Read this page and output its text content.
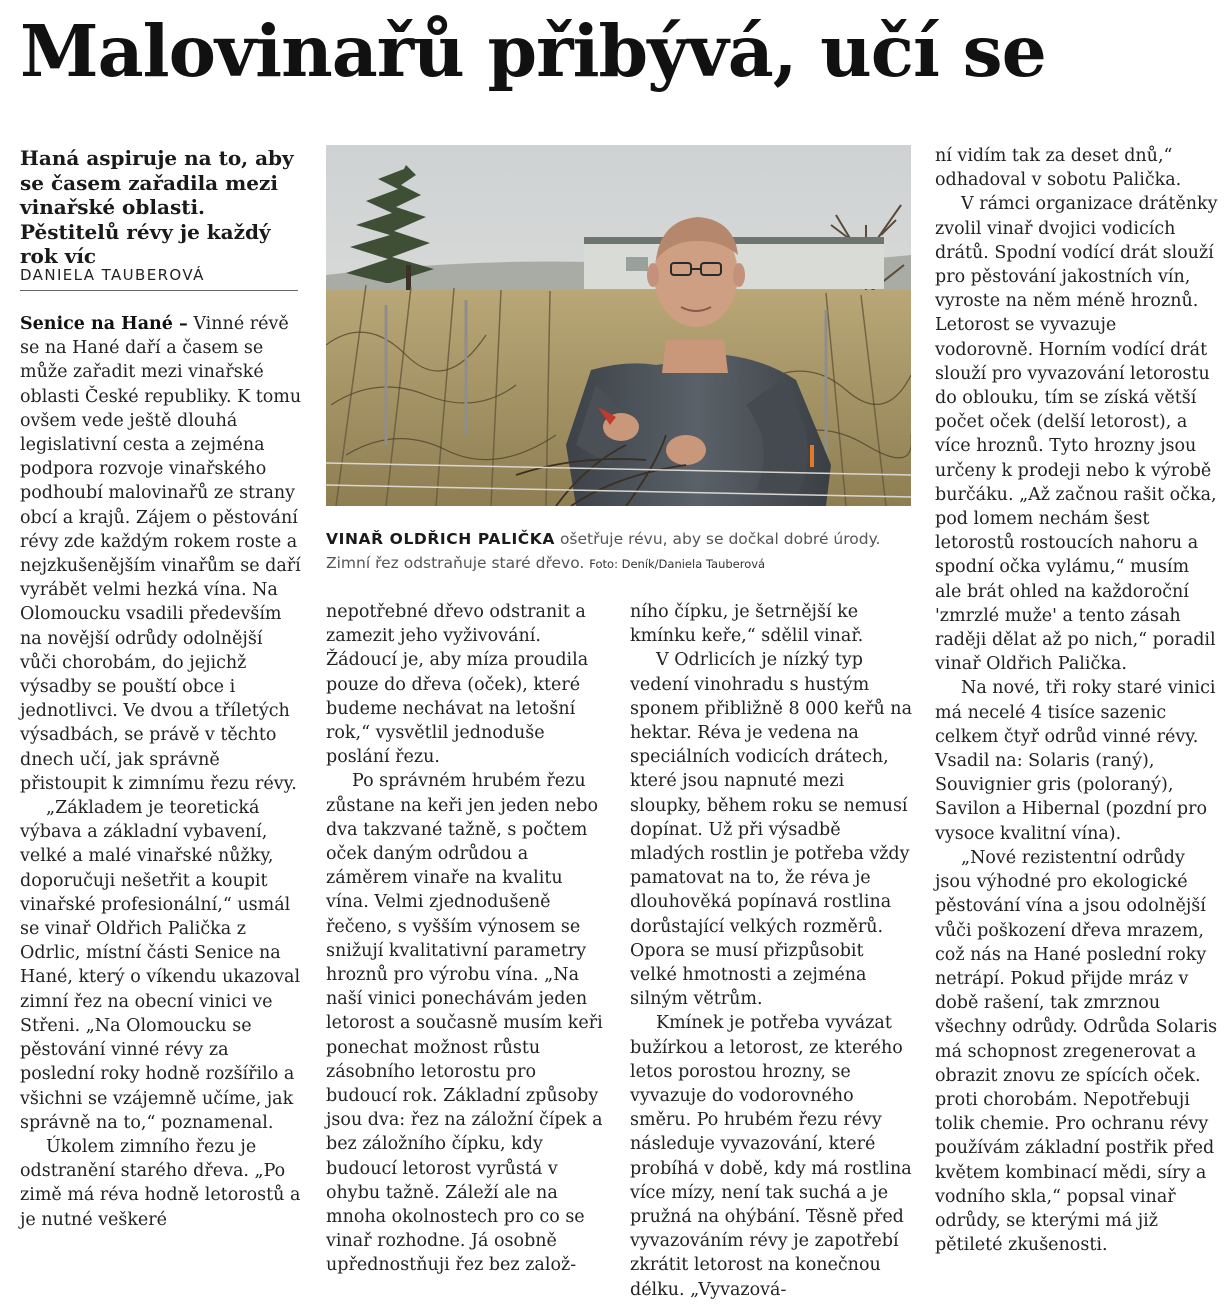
Malovinařů přibývá, učí se

Haná aspiruje na to, aby se časem zařadila mezi vinařské oblasti. Pěstitelů révy je každý rok víc

DANIELA TAUBEROVÁ

Senice na Hané – Vinné révě se na Hané daří a časem se může zařadit mezi vinařské oblasti České republiky. K tomu ovšem vede ještě dlouhá legislativní cesta a zejména podpora rozvoje vinařského podhoubí malovinařů ze strany obcí a krajů. Zájem o pěstování révy zde každým rokem roste a nejzkušenějším vinařům se daří vyrábět velmi hezká vína. Na Olomoucku vsadili především na novější odrůdy odolnější vůči chorobám, do jejichž výsadby se pouští obce i jednotlivci. Ve dvou a tříletých výsadbách, se právě v těchto dnech učí, jak správně přistoupit k zimnímu řezu révy.

„Základem je teoretická výbava a základní vybavení, velké a malé vinařské nůžky, doporučuji nešetřit a koupit vinařské profesionální,“ usmál se vinař Oldřich Palička z Odrlic, místní části Senice na Hané, který o víkendu ukazoval zimní řez na obecní vinici ve Střeni. „Na Olomoucku se pěstování vinné révy za poslední roky hodně rozšířilo a všichni se vzájemně učíme, jak správně na to,“ poznamenal.

Úkolem zimního řezu je odstranění starého dřeva. „Po zimě má réva hodně letorostů a je nutné veškeré

VINAŘ OLDŘICH PALIČKA ošetřuje révu, aby se dočkal dobré úrody. Zimní řez odstraňuje staré dřevo. Foto: Deník/Daniela Tauberová

nepotřebné dřevo odstranit a zamezit jeho vyživování. Žádoucí je, aby míza proudila pouze do dřeva (oček), které budeme nechávat na letošní rok,“ vysvětlil jednoduše poslání řezu.

Po správném hrubém řezu zůstane na keři jen jeden nebo dva takzvané tažně, s počtem oček daným odrůdou a záměrem vinaře na kvalitu vína. Velmi zjednodušeně řečeno, s vyšším výnosem se snižují kvalitativní parametry hroznů pro výrobu vína. „Na naší vinici ponechávám jeden letorost a současně musím keři ponechat možnost růstu zásobního letorostu pro budoucí rok. Základní způsoby jsou dva: řez na záložní čípek a bez záložního čípku, kdy budoucí letorost vyrůstá v ohybu tažně. Záleží ale na mnoha okolnostech pro co se vinař rozhodne. Já osobně upřednostňuji řez bez založ-

ního čípku, je šetrnější ke kmínku keře,“ sdělil vinař.

V Odrlicích je nízký typ vedení vinohradu s hustým sponem přibližně 8 000 keřů na hektar. Réva je vedena na speciálních vodicích drátech, které jsou napnuté mezi sloupky, během roku se nemusí dopínat. Už při výsadbě mladých rostlin je potřeba vždy pamatovat na to, že réva je dlouhověká popínavá rostlina dorůstající velkých rozměrů. Opora se musí přizpůsobit velké hmotnosti a zejména silným větrům.

Kmínek je potřeba vyvázat bužírkou a letorost, ze kterého letos porostou hrozny, se vyvazuje do vodorovného směru. Po hrubém řezu révy následuje vyvazování, které probíhá v době, kdy má rostlina více mízy, není tak suchá a je pružná na ohýbání. Těsně před vyvazováním révy je zapotřebí zkrátit letorost na konečnou délku. „Vyvazová-

ní vidím tak za deset dnů,“ odhadoval v sobotu Palička.

V rámci organizace drátěnky zvolil vinař dvojici vodicích drátů. Spodní vodící drát slouží pro pěstování jakostních vín, vyroste na něm méně hroznů. Letorost se vyvazuje vodorovně. Horním vodící drát slouží pro vyvazování letorostu do oblouku, tím se získá větší počet oček (delší letorost), a více hroznů. Tyto hrozny jsou určeny k prodeji nebo k výrobě burčáku. „Až začnou rašit očka, pod lomem nechám šest letorostů rostoucích nahoru a spodní očka vylámu,“ musím ale brát ohled na každoroční 'zmrzlé muže' a tento zásah raději dělat až po nich,“ poradil vinař Oldřich Palička.

Na nové, tři roky staré vinici má necelé 4 tisíce sazenic celkem čtyř odrůd vinné révy. Vsadil na: Solaris (raný), Souvignier gris (poloraný), Savilon a Hibernal (pozdní pro vysoce kvalitní vína).

„Nové rezistentní odrůdy jsou výhodné pro ekologické pěstování vína a jsou odolnější vůči poškození dřeva mrazem, což nás na Hané poslední roky netrápí. Pokud přijde mráz v době rašení, tak zmrznou všechny odrůdy. Odrůda Solaris má schopnost zregenerovat a obrazit znovu ze spících oček. proti chorobám. Nepotřebuji tolik chemie. Pro ochranu révy používám základní postřik před květem kombinací mědi, síry a vodního skla,“ popsal vinař odrůdy, se kterými má již pětileté zkušenosti.
